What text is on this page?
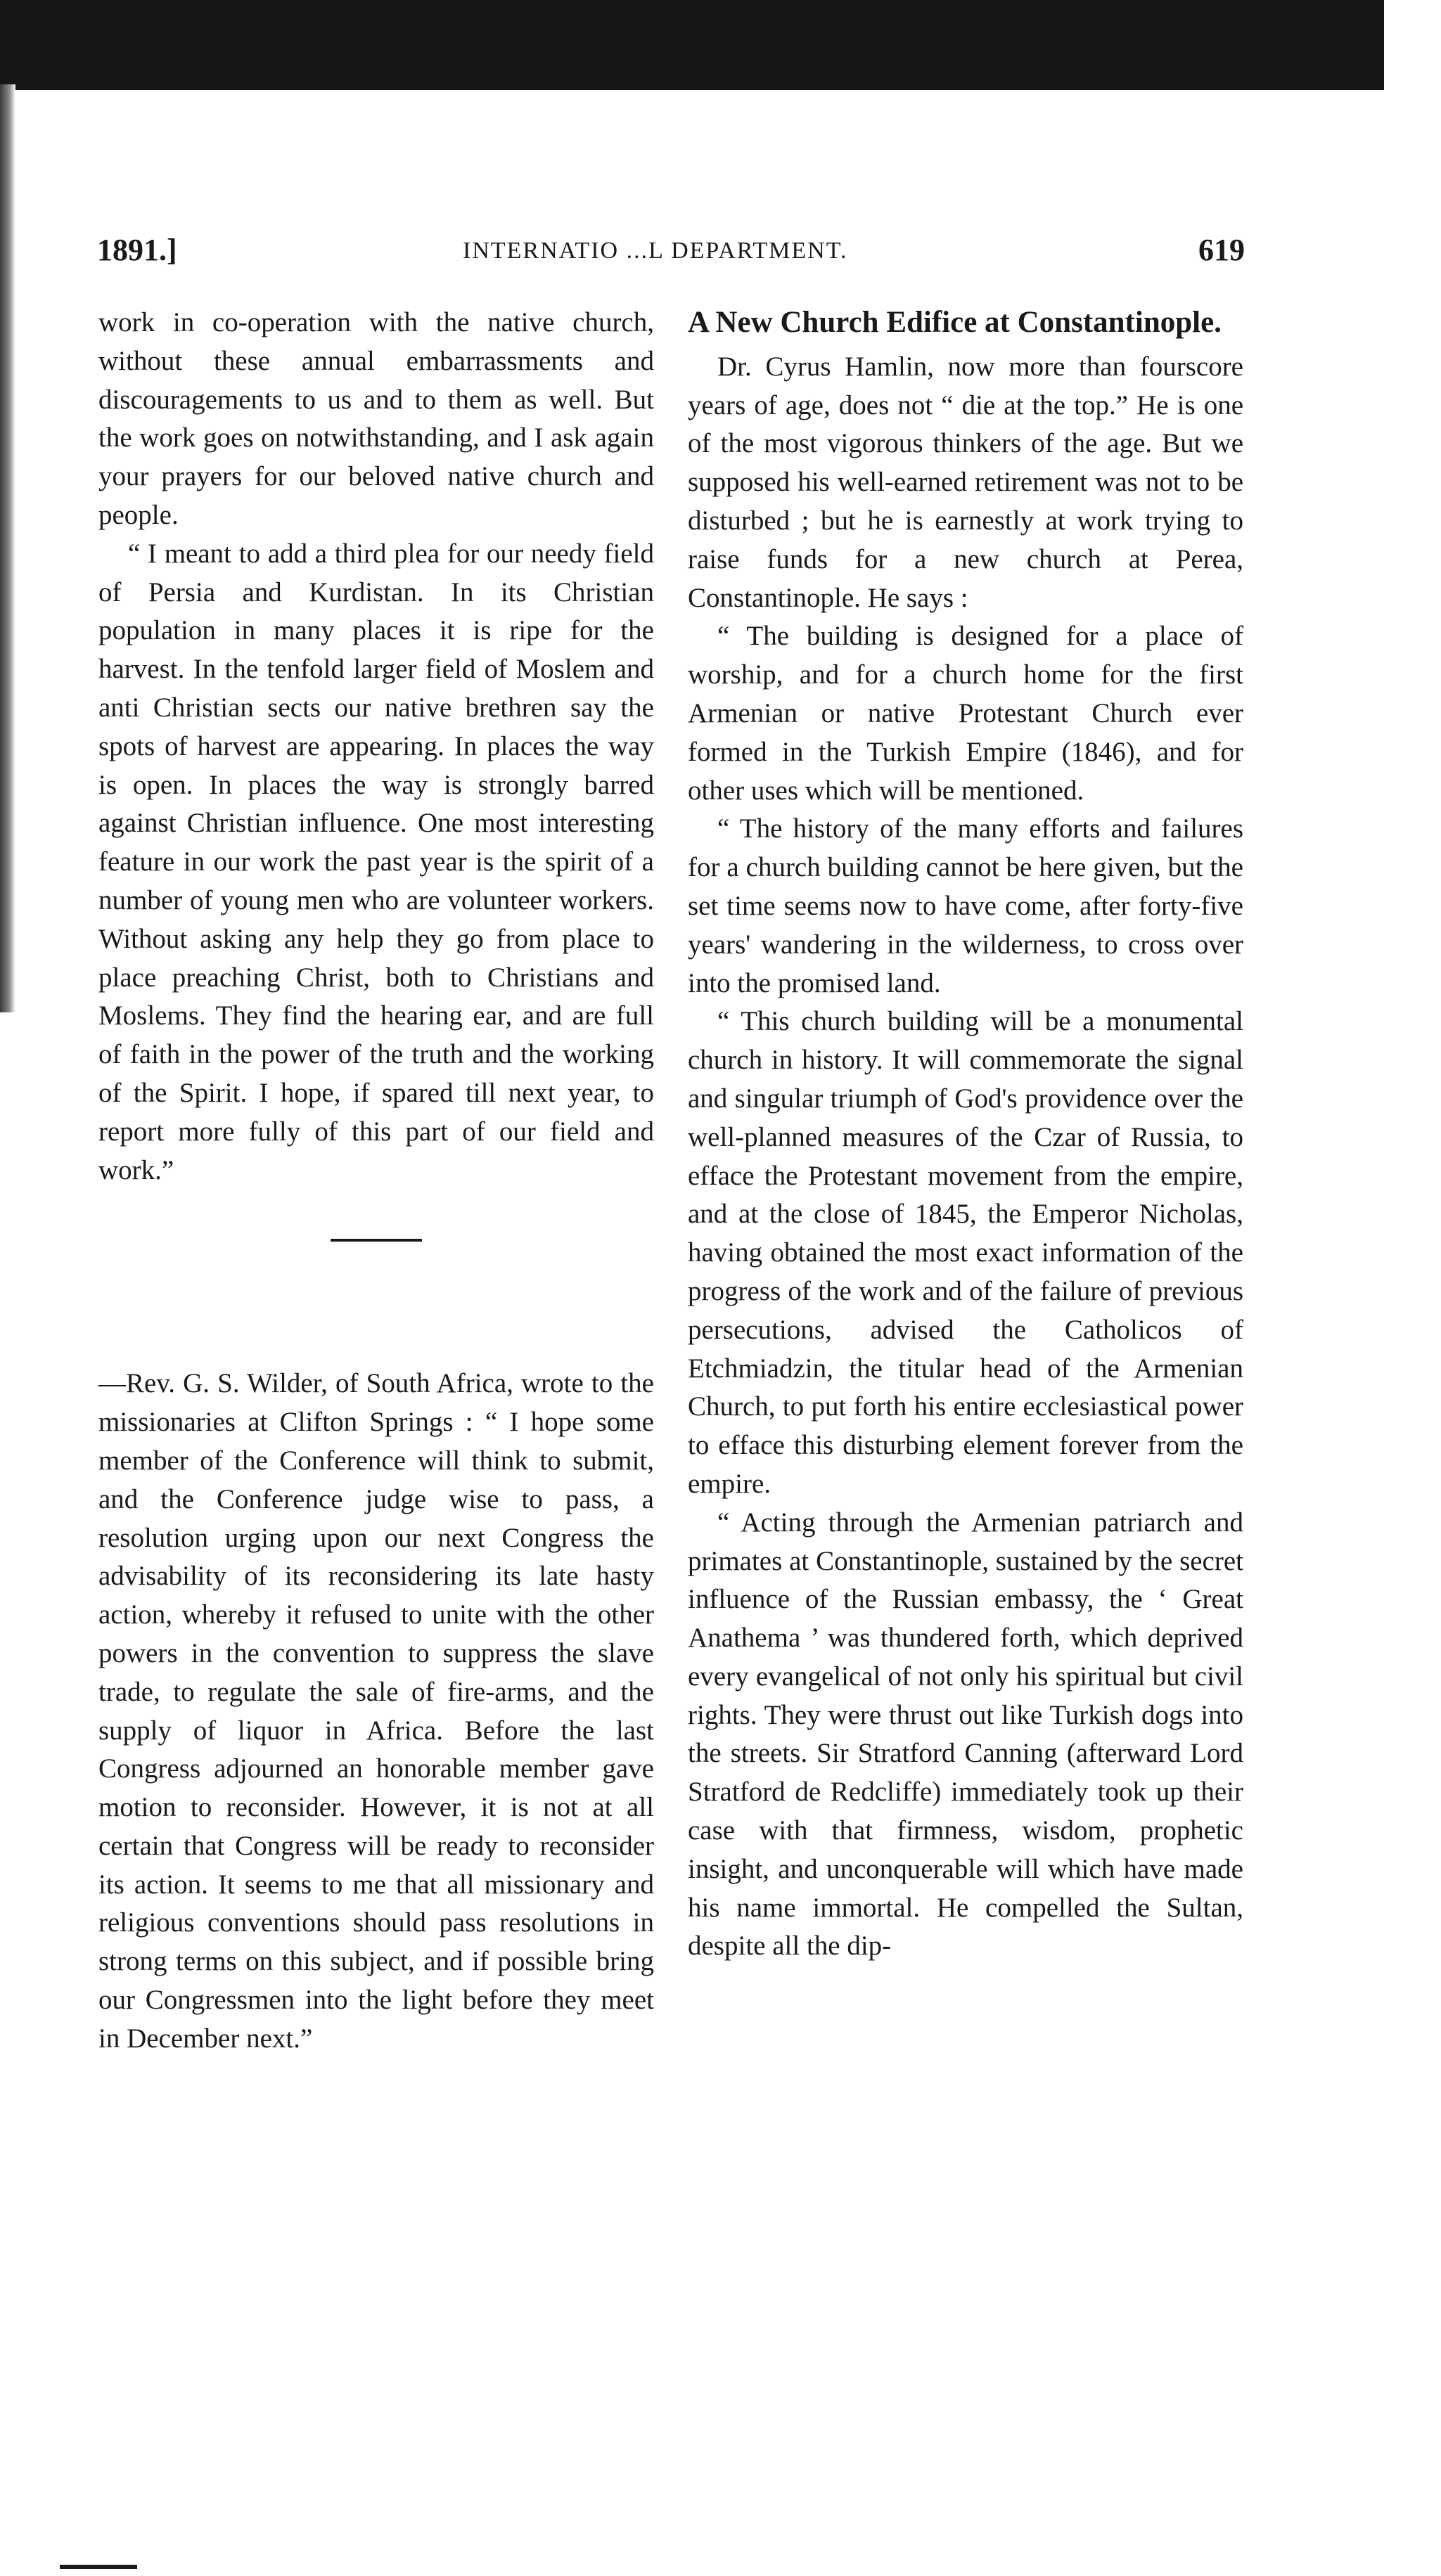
1891.]	INTERNATIO ...L DEPARTMENT.	619

work in co-operation with the native church, without these annual embarrassments and discouragements to us and to them as well. But the work goes on notwithstanding, and I ask again your prayers for our beloved native church and people.

“ I meant to add a third plea for our needy field of Persia and Kurdistan. In its Christian population in many places it is ripe for the harvest. In the tenfold larger field of Moslem and anti Christian sects our native brethren say the spots of harvest are appearing. In places the way is open. In places the way is strongly barred against Christian influence. One most interesting feature in our work the past year is the spirit of a number of young men who are volunteer workers. Without asking any help they go from place to place preaching Christ, both to Christians and Moslems. They find the hearing ear, and are full of faith in the power of the truth and the working of the Spirit. I hope, if spared till next year, to report more fully of this part of our field and work.”

—Rev. G. S. Wilder, of South Africa, wrote to the missionaries at Clifton Springs : “ I hope some member of the Conference will think to submit, and the Conference judge wise to pass, a resolution urging upon our next Congress the advisability of its reconsidering its late hasty action, whereby it refused to unite with the other powers in the convention to suppress the slave trade, to regulate the sale of fire-arms, and the supply of liquor in Africa. Before the last Congress adjourned an honorable member gave motion to reconsider. However, it is not at all certain that Congress will be ready to reconsider its action. It seems to me that all missionary and religious conventions should pass resolutions in strong terms on this subject, and if possible bring our Congressmen into the light before they meet in December next.”

A New Church Edifice at Constantinople.

Dr. Cyrus Hamlin, now more than fourscore years of age, does not “ die at the top.” He is one of the most vigorous thinkers of the age. But we supposed his well-earned retirement was not to be disturbed ; but he is earnestly at work trying to raise funds for a new church at Perea, Constantinople. He says :

“ The building is designed for a place of worship, and for a church home for the first Armenian or native Protestant Church ever formed in the Turkish Empire (1846), and for other uses which will be mentioned.

“ The history of the many efforts and failures for a church building cannot be here given, but the set time seems now to have come, after forty-five years' wandering in the wilderness, to cross over into the promised land.

“ This church building will be a monumental church in history. It will commemorate the signal and singular triumph of God's providence over the well-planned measures of the Czar of Russia, to efface the Protestant movement from the empire, and at the close of 1845, the Emperor Nicholas, having obtained the most exact information of the progress of the work and of the failure of previous persecutions, advised the Catholicos of Etchmiadzin, the titular head of the Armenian Church, to put forth his entire ecclesiastical power to efface this disturbing element forever from the empire.

“ Acting through the Armenian patriarch and primates at Constantinople, sustained by the secret influence of the Russian embassy, the ‘ Great Anathema ’ was thundered forth, which deprived every evangelical of not only his spiritual but civil rights. They were thrust out like Turkish dogs into the streets. Sir Stratford Canning (afterward Lord Stratford de Redcliffe) immediately took up their case with that firmness, wisdom, prophetic insight, and unconquerable will which have made his name immortal. He compelled the Sultan, despite all the dip-
